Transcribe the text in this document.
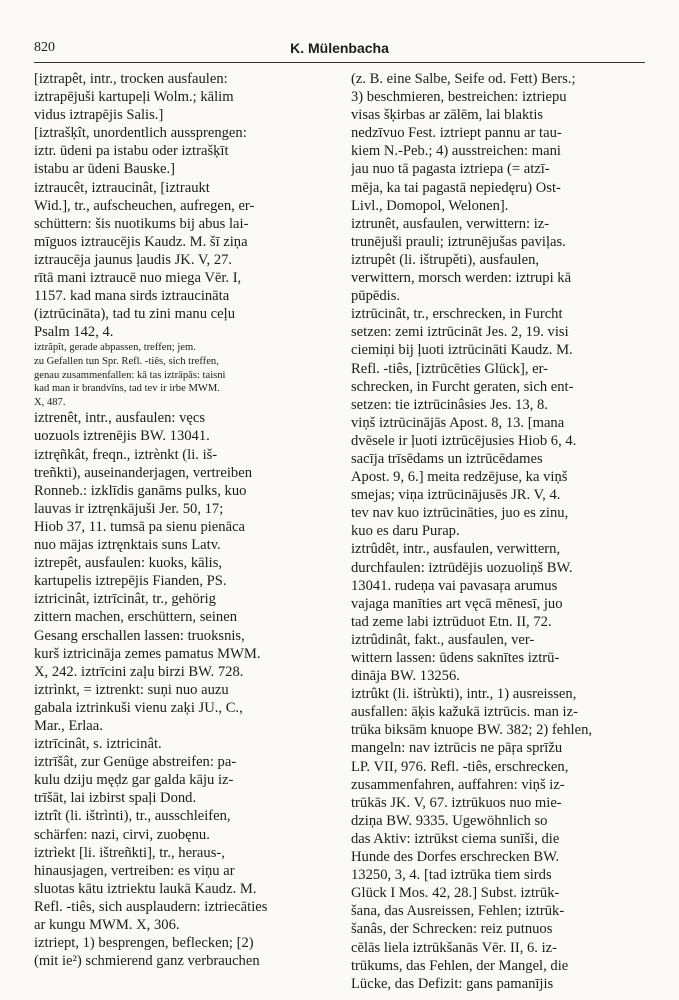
820	K. Mülenbacha
[iztrapêt, intr., trocken ausfaulen:
iztrapējuši kartupeļi Wolm.; kālim
vidus iztrapējis Salis.]
[iztrašķît, unordentlich aussprengen:
iztr. ūdeni pa istabu oder iztrašķīt
istabu ar ūdeni Bauske.]
iztraucêt, iztraucinât, [iztraukt
Wid.], tr., aufscheuchen, aufregen, er-
schüttern: šis nuotikums bij abus lai-
mīguos iztraucējis Kaudz. M. šī ziņa
iztraucēja jaunus ļaudis JK. V, 27.
rītā mani iztraucē nuo miega Vēr. I,
1157. kad mana sirds iztraucināta
(iztrūcināta), tad tu zini manu ceļu
Psalm 142, 4.
iztrãpît, gerade abpassen, treffen; jem.
zu Gefallen tun Spr. Refl. -tiês, sich treffen,
genau zusammenfallen: kā tas iztrāpās: taisni
kad man ir brandvīns, tad tev ir irbe MWM.
X, 487.
iztrenêt, intr., ausfaulen: vęcs
uozuols iztrenējis BW. 13041.
iztręñkât, freqn., iztrènkt (li. iš-
treñkti), auseinanderjagen, vertreiben
Ronneb.: izklīdis ganāms pulks, kuo
lauvas ir iztręnkājuši Jer. 50, 17;
Hiob 37, 11. tumsā pa sienu pienāca
nuo mājas iztręnktais suns Latv.
iztrepêt, ausfaulen: kuoks, kālis,
kartupelis iztrepējis Fianden, PS.
iztricinât, iztrīcinât, tr., gehörig
zittern machen, erschüttern, seinen
Gesang erschallen lassen: truoksnis,
kurš iztricināja zemes pamatus MWM.
X, 242. iztrīcini zaļu birzi BW. 728.
iztrìnkt, = iztrenkt: suņi nuo auzu
gabala iztrinkuši vienu zaķi JU., C.,
Mar., Erlaa.
iztrīcinât, s. iztricinât.
iztrīšât, zur Genüge abstreifen: pa-
kulu dziju męḍz gar galda kāju iz-
trīšāt, lai izbirst spaļi Dond.
iztrît (li. ištrìnti), tr., ausschleifen,
schärfen: nazi, cirvi, zuobęnu.
iztrìekt [li. ištreñkti], tr., heraus-,
hinausjagen, vertreiben: es viņu ar
sluotas kātu iztriektu laukā Kaudz. M.
Refl. -tiês, sich ausplaudern: iztriecāties
ar kungu MWM. X, 306.
iztriept, 1) besprengen, beflecken; [2)
(mit ie²) schmierend ganz verbrauchen
(z. B. eine Salbe, Seife od. Fett) Bers.;
3) beschmieren, bestreichen: iztriepu
visas šķirbas ar zālēm, lai blaktis
nedzīvuo Fest. iztriept pannu ar tau-
kiem N.-Peb.; 4) ausstreichen: mani
jau nuo tā pagasta iztriepa (= atzī-
mēja, ka tai pagastā nepiedęru) Ost-
Livl., Domopol, Welonen].
iztrunêt, ausfaulen, verwittern: iz-
trunējuši prauli; iztrunējušas paviļas.
iztrupêt (li. ištrupěti), ausfaulen,
verwittern, morsch werden: iztrupi kā
pūpēdis.
iztrūcinât, tr., erschrecken, in Furcht
setzen: zemi iztrūcināt Jes. 2, 19. visi
ciemiņi bij ļuoti iztrūcināti Kaudz. M.
Refl. -tiês, [iztrūcēties Glück], er-
schrecken, in Furcht geraten, sich ent-
setzen: tie iztrūcinâsies Jes. 13, 8.
viņš iztrūcinājās Apost. 8, 13. [mana
dvēsele ir ļuoti iztrūcējusies Hiob 6, 4.
sacīja trīsēdams un iztrūcēdames
Apost. 9, 6.] meita redzējuse, ka viņš
smejas; viņa iztrūcinājusēs JR. V, 4.
tev nav kuo iztrūcināties, juo es zinu,
kuo es daru Purap.
iztrûdêt, intr., ausfaulen, verwittern,
durchfaulen: iztrūdējis uozuoliņš BW.
13041. rudeņa vai pavasaŗa arumus
vajaga manīties art vęcā mēnesī, juo
tad zeme labi iztrūduot Etn. II, 72.
iztrûdinât, fakt., ausfaulen, ver-
wittern lassen: ūdens saknītes iztrū-
dināja BW. 13256.
iztrûkt (li. ištrùkti), intr., 1) ausreissen,
ausfallen: āķis kažukā iztrūcis. man iz-
trūka biksām knuope BW. 382; 2) fehlen,
mangeln: nav iztrūcis ne pāŗa sprīžu
LP. VII, 976. Refl. -tiês, erschrecken,
zusammenfahren, auffahren: viņš iz-
trūkās JK. V, 67. iztrūkuos nuo mie-
dziņa BW. 9335. Ugewöhnlich so
das Aktiv: iztrūkst ciema sunīši, die
Hunde des Dorfes erschrecken BW.
13250, 3, 4. [tad iztrūka tiem sirds
Glück I Mos. 42, 28.] Subst. iztrūk-
šana, das Ausreissen, Fehlen; iztrūk-
šanâs, der Schrecken: reiz putnuos
cēlās liela iztrūkšanās Vēr. II, 6. iz-
trūkums, das Fehlen, der Mangel, die
Lücke, das Defizit: gans pamanījis
